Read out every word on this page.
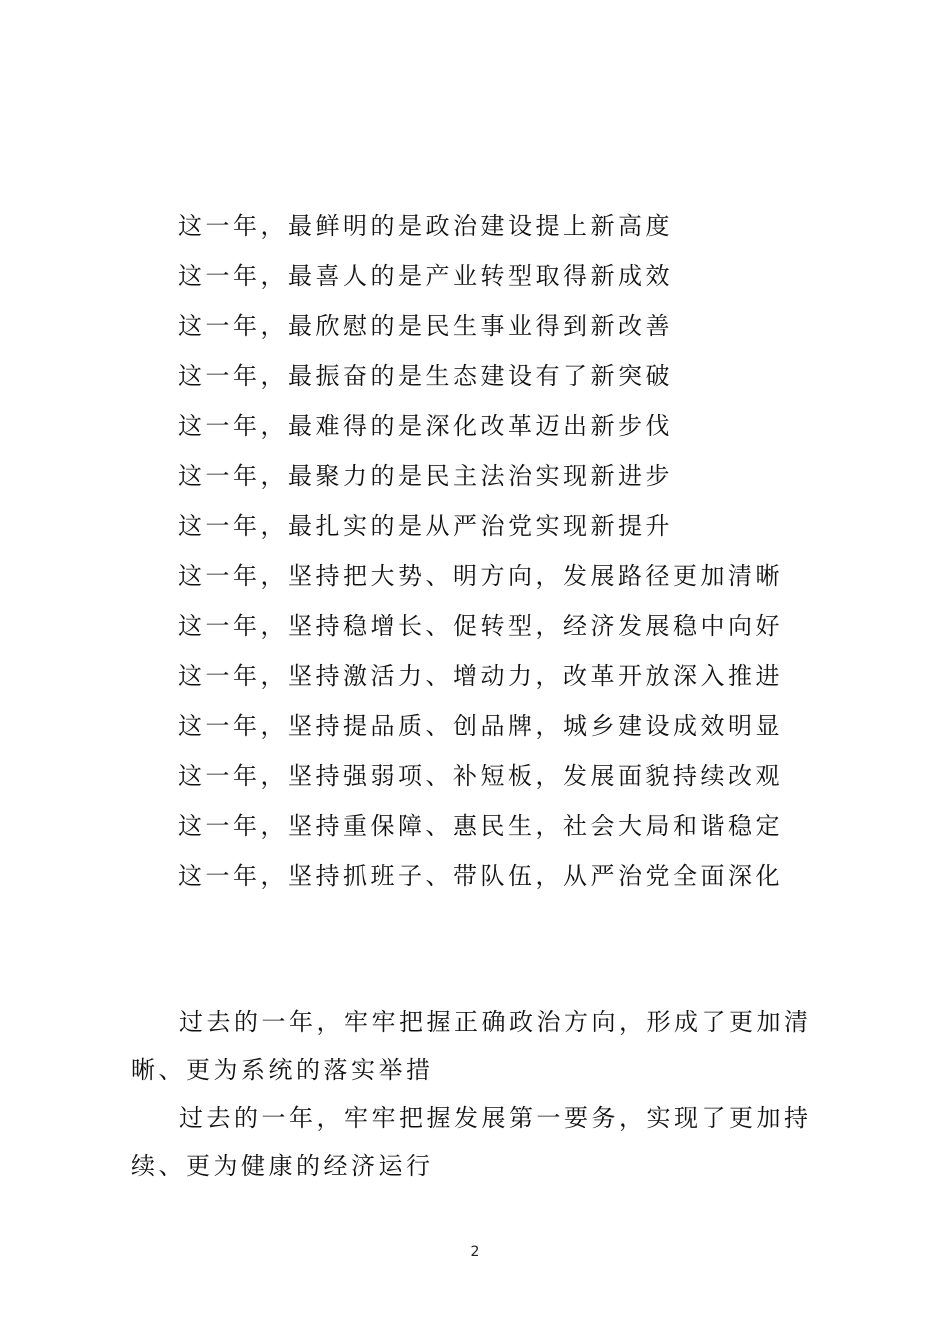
这一年，最鲜明的是政治建设提上新高度
这一年，最喜人的是产业转型取得新成效
这一年，最欣慰的是民生事业得到新改善
这一年，最振奋的是生态建设有了新突破
这一年，最难得的是深化改革迈出新步伐
这一年，最聚力的是民主法治实现新进步
这一年，最扎实的是从严治党实现新提升
这一年，坚持把大势、明方向，发展路径更加清晰
这一年，坚持稳增长、促转型，经济发展稳中向好
这一年，坚持激活力、增动力，改革开放深入推进
这一年，坚持提品质、创品牌，城乡建设成效明显
这一年，坚持强弱项、补短板，发展面貌持续改观
这一年，坚持重保障、惠民生，社会大局和谐稳定
这一年，坚持抓班子、带队伍，从严治党全面深化

过去的一年，牢牢把握正确政治方向，形成了更加清晰、更为系统的落实举措

过去的一年，牢牢把握发展第一要务，实现了更加持续、更为健康的经济运行

2
